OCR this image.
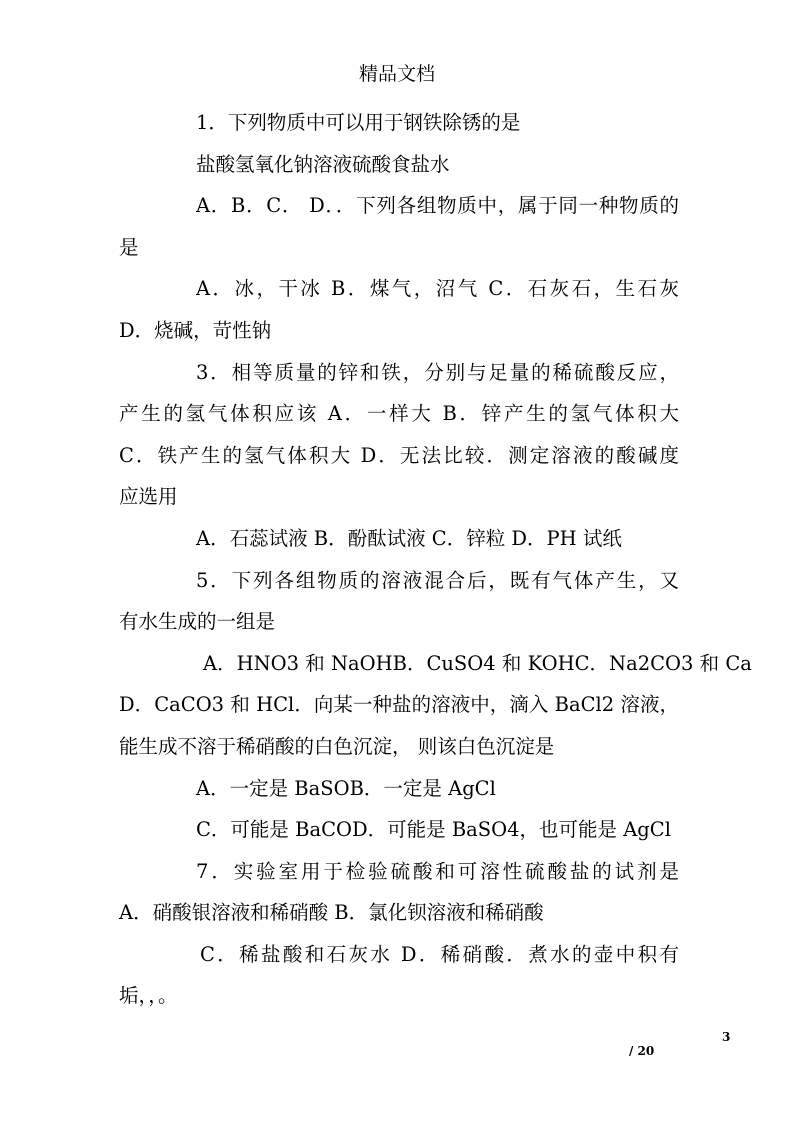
精品文档
1．下列物质中可以用于钢铁除锈的是
盐酸氢氧化钠溶液硫酸食盐水
A．B．C． D．．下列各组物质中，属于同一种物质的
是
A．冰，干冰 B．煤气，沼气 C．石灰石，生石灰
D．烧碱，苛性钠
3．相等质量的锌和铁，分别与足量的稀硫酸反应，
产生的氢气体积应该 A．一样大 B．锌产生的氢气体积大
C．铁产生的氢气体积大 D．无法比较．测定溶液的酸碱度
应选用
A．石蕊试液 B．酚酞试液 C．锌粒 D．PH 试纸
5．下列各组物质的溶液混合后，既有气体产生，又
有水生成的一组是
A．HNO3 和 NaOHB．CuSO4 和 KOHC．Na2CO3 和 Ca
D．CaCO3 和 HCl．向某一种盐的溶液中，滴入 BaCl2 溶液，
能生成不溶于稀硝酸的白色沉淀， 则该白色沉淀是
A．一定是 BaSOB．一定是 AgCl
C．可能是 BaCOD．可能是 BaSO4，也可能是 AgCl
7．实验室用于检验硫酸和可溶性硫酸盐的试剂是
A．硝酸银溶液和稀硝酸 B．氯化钡溶液和稀硝酸
C．稀盐酸和石灰水 D．稀硝酸．煮水的壶中积有
垢，，。
3
/ 20
